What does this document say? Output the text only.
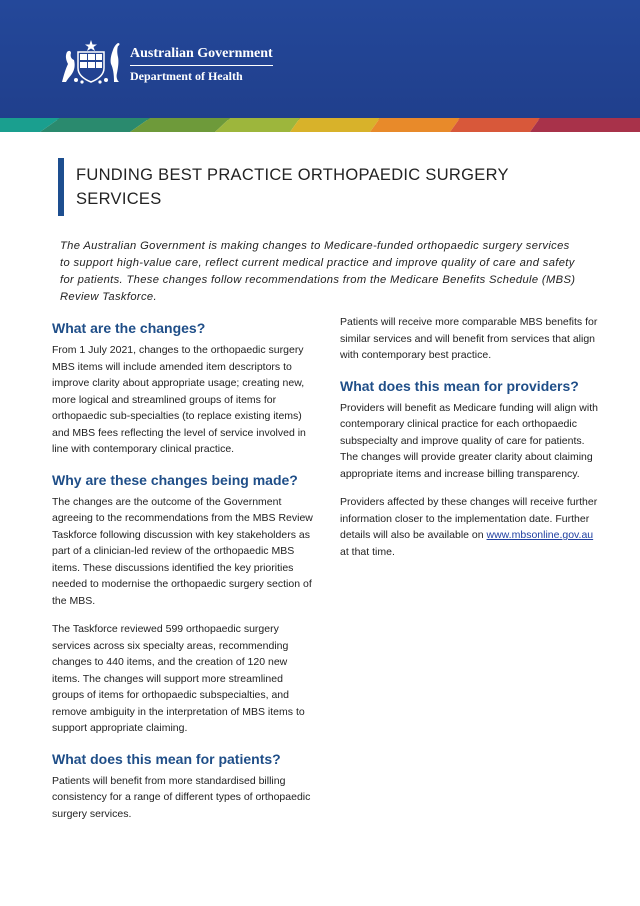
Australian Government
Department of Health
FUNDING BEST PRACTICE ORTHOPAEDIC SURGERY SERVICES

The Australian Government is making changes to Medicare-funded orthopaedic surgery services to support high-value care, reflect current medical practice and improve quality of care and safety for patients. These changes follow recommendations from the Medicare Benefits Schedule (MBS) Review Taskforce.

What are the changes?

From 1 July 2021, changes to the orthopaedic surgery MBS items will include amended item descriptors to improve clarity about appropriate usage; creating new, more logical and streamlined groups of items for orthopaedic sub-specialties (to replace existing items) and MBS fees reflecting the level of service involved in line with contemporary clinical practice.

Why are these changes being made?

The changes are the outcome of the Government agreeing to the recommendations from the MBS Review Taskforce following discussion with key stakeholders as part of a clinician-led review of the orthopaedic MBS items. These discussions identified the key priorities needed to modernise the orthopaedic surgery section of the MBS.

The Taskforce reviewed 599 orthopaedic surgery services across six specialty areas, recommending changes to 440 items, and the creation of 120 new items. The changes will support more streamlined groups of items for orthopaedic subspecialties, and remove ambiguity in the interpretation of MBS items to support appropriate claiming.

What does this mean for patients?

Patients will benefit from more standardised billing consistency for a range of different types of orthopaedic surgery services.

Patients will receive more comparable MBS benefits for similar services and will benefit from services that align with contemporary best practice.

What does this mean for providers?

Providers will benefit as Medicare funding will align with contemporary clinical practice for each orthopaedic subspecialty and improve quality of care for patients. The changes will provide greater clarity about claiming appropriate items and increase billing transparency.

Providers affected by these changes will receive further information closer to the implementation date. Further details will also be available on www.mbsonline.gov.au at that time.
